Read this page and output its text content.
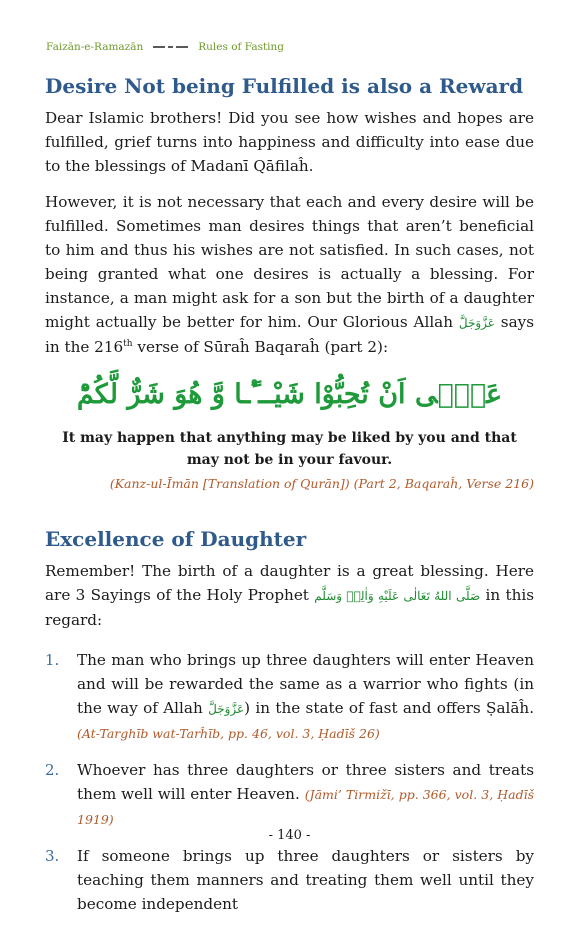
Faizān-e-Ramazān	Rules of Fasting
Desire Not being Fulfilled is also a Reward

Dear Islamic brothers! Did you see how wishes and hopes are fulfilled, grief turns into happiness and difficulty into ease due to the blessings of Madanī Qāfilaĥ.

However, it is not necessary that each and every desire will be fulfilled. Sometimes man desires things that aren’t beneficial to him and thus his wishes are not satisfied. In such cases, not being granted what one desires is actually a blessing. For instance, a man might ask for a son but the birth of a daughter might actually be better for him. Our Glorious Allah عَزَّوَجَلَّ says in the 216th verse of Sūraĥ Baqaraĥ (part 2):

عَسٰۤى اَنْ تُحِبُّوْا شَیْــٴًـا وَّ هُوَ شَرٌّ لَّكُمْؕ
It may happen that anything may be liked by you and that may not be in your favour.
(Kanz-ul-Īmān [Translation of Qurān]) (Part 2, Baqaraĥ, Verse 216)
Excellence of Daughter

Remember! The birth of a daughter is a great blessing. Here are 3 Sayings of the Holy Prophet صَلَّى اللهُ تَعَالٰى عَلَيْهِ وَاٰلِهٖ وَسَلَّم in this regard:

1.	The man who brings up three daughters will enter Heaven and will be rewarded the same as a warrior who fights (in the way of Allah عَزَّوَجَلَّ) in the state of fast and offers Ṣalāĥ. (At-Targhīb wat-Tarĥīb, pp. 46, vol. 3, Ḥadīš 26)
2.	Whoever has three daughters or three sisters and treats them well will enter Heaven. (Jāmi’ Tirmižī, pp. 366, vol. 3, Ḥadīš 1919)
3.	If someone brings up three daughters or sisters by teaching them manners and treating them well until they become independent
- 140 -
